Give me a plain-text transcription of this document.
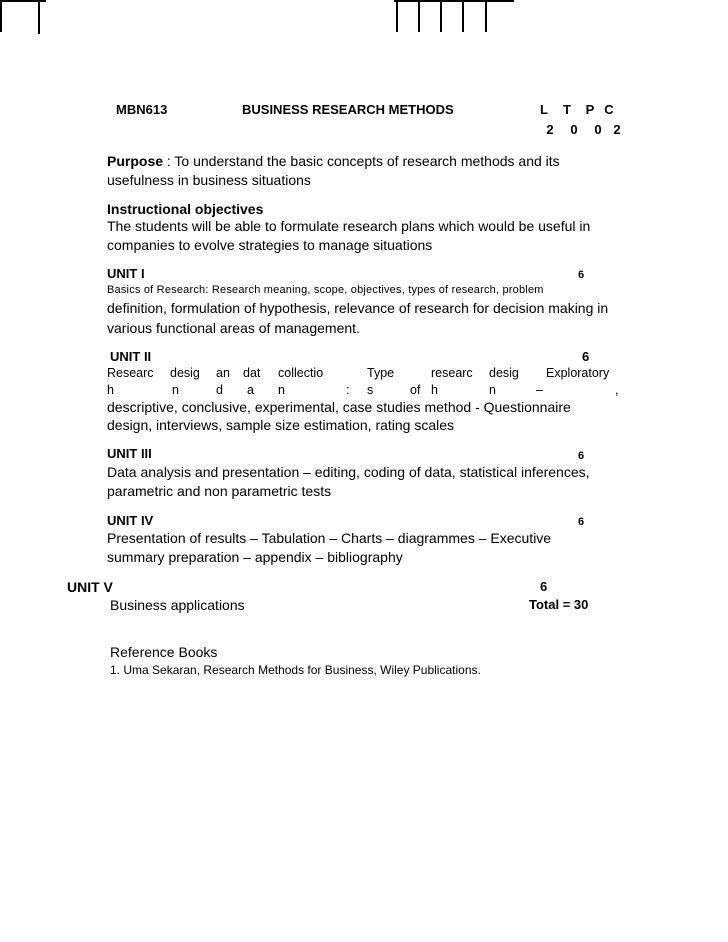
MBN613	BUSINESS RESEARCH METHODS	L	T	P C
2	0	0 2
Purpose : To understand the basic concepts of research methods and its
usefulness in business situations
Instructional objectives
The students will be able to formulate research plans which would be useful in
companies to evolve strategies to manage situations
UNIT I	6
Basics of Research: Research meaning, scope, objectives, types of research, problem
definition, formulation of hypothesis, relevance of research for decision making in
various functional areas of management.
UNIT II	6
Researc desig an dat collectio	Type	researc desig Exploratory
h	n	d a n	: s	of h	n	–	,
descriptive, conclusive, experimental, case studies method - Questionnaire
design, interviews, sample size estimation, rating scales
UNIT III	6
Data analysis and presentation – editing, coding of data, statistical inferences,
parametric and non parametric tests
UNIT IV	6
Presentation of results – Tabulation – Charts – diagrammes – Executive
summary preparation – appendix – bibliography
UNIT V	6
Business applications	Total = 30
Reference Books
1. Uma Sekaran, Research Methods for Business, Wiley Publications.
